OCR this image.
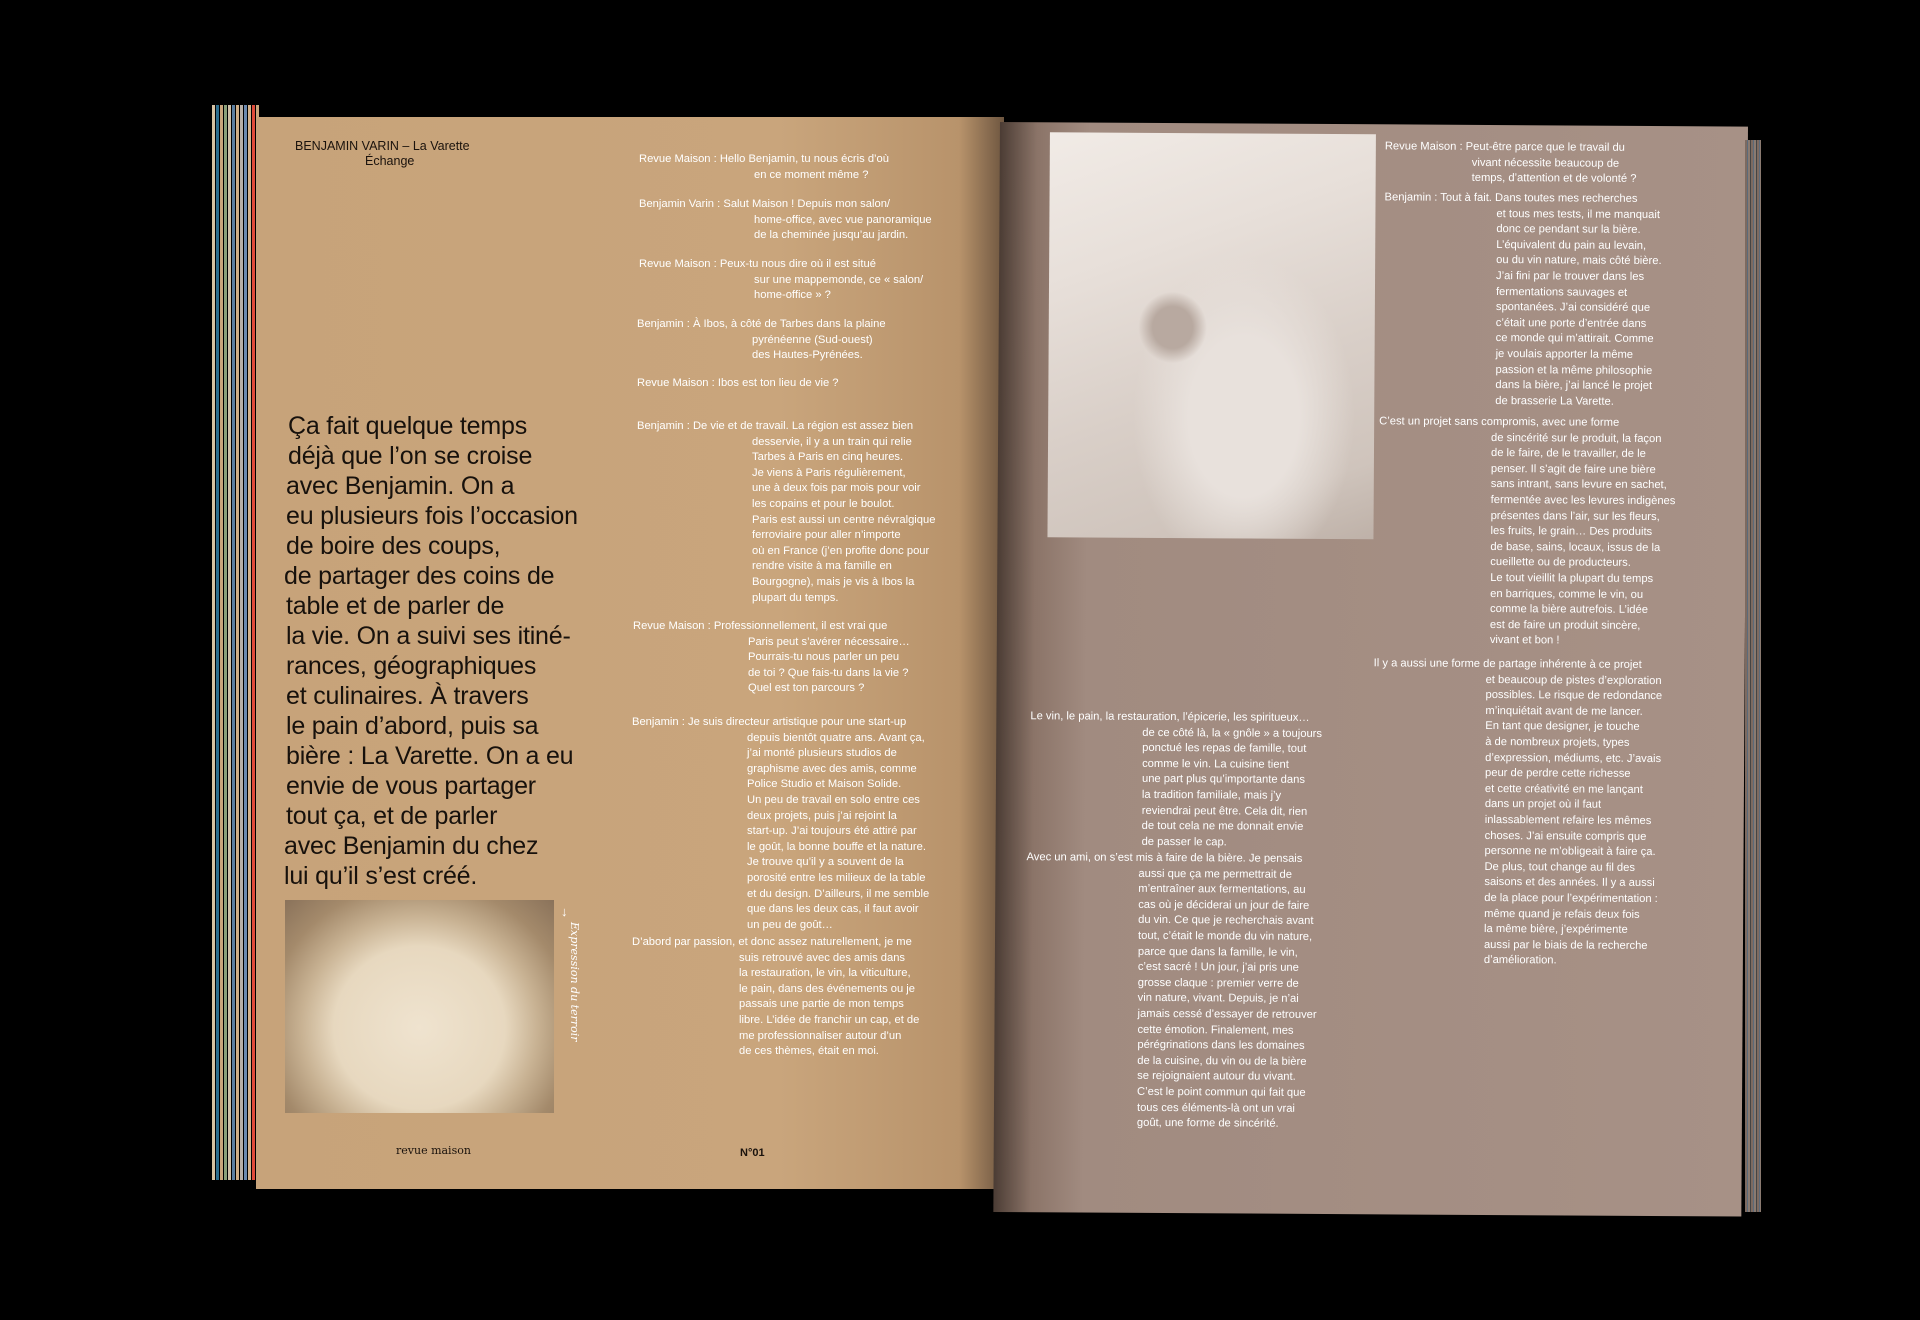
BENJAMIN VARIN – La Varette
Échange
Ça fait quelque temps
déjà que l’on se croise
avec Benjamin. On a
eu plusieurs fois l’occasion
de boire des coups,
de partager des coins de
table et de parler de
la vie. On a suivi ses itiné-
rances, géographiques
et culinaires. À travers
le pain d’abord, puis sa
bière : La Varette. On a eu
envie de vous partager
tout ça, et de parler
avec Benjamin du chez
lui qu’il s’est créé.
↓
Expression du terroir
revue maison	N°01
Revue Maison : Hello Benjamin, tu nous écris d’où
en ce moment même ?
Benjamin Varin : Salut Maison ! Depuis mon salon/
home-office, avec vue panoramique
de la cheminée jusqu’au jardin.
Revue Maison : Peux-tu nous dire où il est situé
sur une mappemonde, ce « salon/
home-office » ?
Benjamin : À Ibos, à côté de Tarbes dans la plaine
pyrénéenne (Sud-ouest)
des Hautes-Pyrénées.
Revue Maison : Ibos est ton lieu de vie ?
Benjamin : De vie et de travail. La région est assez bien
desservie, il y a un train qui relie
Tarbes à Paris en cinq heures.
Je viens à Paris régulièrement,
une à deux fois par mois pour voir
les copains et pour le boulot.
Paris est aussi un centre névralgique
ferroviaire pour aller n’importe
où en France (j’en profite donc pour
rendre visite à ma famille en
Bourgogne), mais je vis à Ibos la
plupart du temps.
Revue Maison : Professionnellement, il est vrai que
Paris peut s’avérer nécessaire…
Pourrais-tu nous parler un peu
de toi ? Que fais-tu dans la vie ?
Quel est ton parcours ?
Benjamin : Je suis directeur artistique pour une start-up
depuis bientôt quatre ans. Avant ça,
j’ai monté plusieurs studios de
graphisme avec des amis, comme
Police Studio et Maison Solide.
Un peu de travail en solo entre ces
deux projets, puis j’ai rejoint la
start-up. J’ai toujours été attiré par
le goût, la bonne bouffe et la nature.
Je trouve qu’il y a souvent de la
porosité entre les milieux de la table
et du design. D’ailleurs, il me semble
que dans les deux cas, il faut avoir
un peu de goût…
D’abord par passion, et donc assez naturellement, je me
suis retrouvé avec des amis dans
la restauration, le vin, la viticulture,
le pain, dans des événements ou je
passais une partie de mon temps
libre. L’idée de franchir un cap, et de
me professionnaliser autour d’un
de ces thèmes, était en moi.
Le vin, le pain, la restauration, l’épicerie, les spiritueux…
de ce côté là, la « gnôle » a toujours
ponctué les repas de famille, tout
comme le vin. La cuisine tient
une part plus qu’importante dans
la tradition familiale, mais j’y
reviendrai peut être. Cela dit, rien
de tout cela ne me donnait envie
de passer le cap.
Avec un ami, on s’est mis à faire de la bière. Je pensais
aussi que ça me permettrait de
m’entraîner aux fermentations, au
cas où je déciderai un jour de faire
du vin. Ce que je recherchais avant
tout, c’était le monde du vin nature,
parce que dans la famille, le vin,
c’est sacré ! Un jour, j’ai pris une
grosse claque : premier verre de
vin nature, vivant. Depuis, je n’ai
jamais cessé d’essayer de retrouver
cette émotion. Finalement, mes
pérégrinations dans les domaines
de la cuisine, du vin ou de la bière
se rejoignaient autour du vivant.
C’est le point commun qui fait que
tous ces éléments-là ont un vrai
goût, une forme de sincérité.
Revue Maison : Peut-être parce que le travail du
vivant nécessite beaucoup de
temps, d’attention et de volonté ?
Benjamin : Tout à fait. Dans toutes mes recherches
et tous mes tests, il me manquait
donc ce pendant sur la bière.
L’équivalent du pain au levain,
ou du vin nature, mais côté bière.
J’ai fini par le trouver dans les
fermentations sauvages et
spontanées. J’ai considéré que
c’était une porte d’entrée dans
ce monde qui m’attirait. Comme
je voulais apporter la même
passion et la même philosophie
dans la bière, j’ai lancé le projet
de brasserie La Varette.
C’est un projet sans compromis, avec une forme
de sincérité sur le produit, la façon
de le faire, de le travailler, de le
penser. Il s’agit de faire une bière
sans intrant, sans levure en sachet,
fermentée avec les levures indigènes
présentes dans l’air, sur les fleurs,
les fruits, le grain… Des produits
de base, sains, locaux, issus de la
cueillette ou de producteurs.
Le tout vieillit la plupart du temps
en barriques, comme le vin, ou
comme la bière autrefois. L’idée
est de faire un produit sincère,
vivant et bon !
Il y a aussi une forme de partage inhérente à ce projet
et beaucoup de pistes d’exploration
possibles. Le risque de redondance
m’inquiétait avant de me lancer.
En tant que designer, je touche
à de nombreux projets, types
d’expression, médiums, etc. J’avais
peur de perdre cette richesse
et cette créativité en me lançant
dans un projet où il faut
inlassablement refaire les mêmes
choses. J’ai ensuite compris que
personne ne m’obligeait à faire ça.
De plus, tout change au fil des
saisons et des années. Il y a aussi
de la place pour l’expérimentation :
même quand je refais deux fois
la même bière, j’expérimente
aussi par le biais de la recherche
d’amélioration.
